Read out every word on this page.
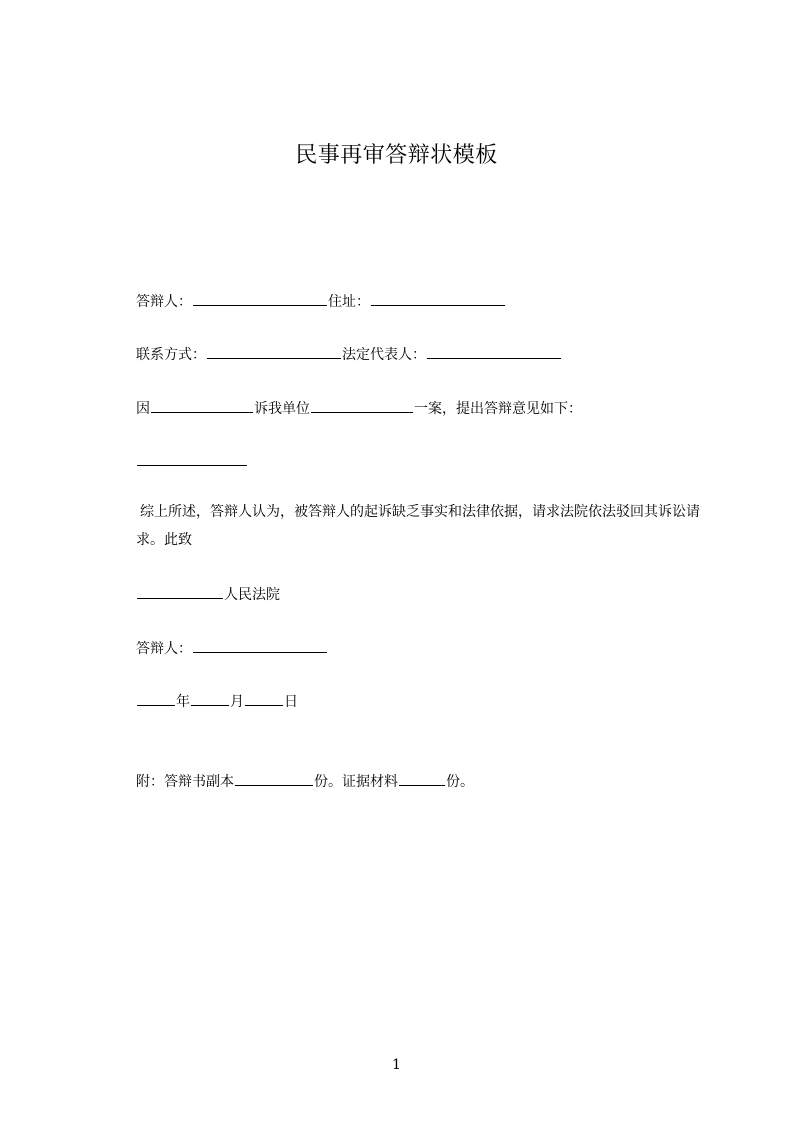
民事再审答辩状模板
答辩人：	住址：
联系方式：	法定代表人：
因	诉我单位	一案，提出答辩意见如下：
综上所述，答辩人认为，被答辩人的起诉缺乏事实和法律依据，请求法院依法驳回其诉讼请求。此致
人民法院
答辩人：
年	月	日
附：答辩书副本	份。证据材料	份。
1
